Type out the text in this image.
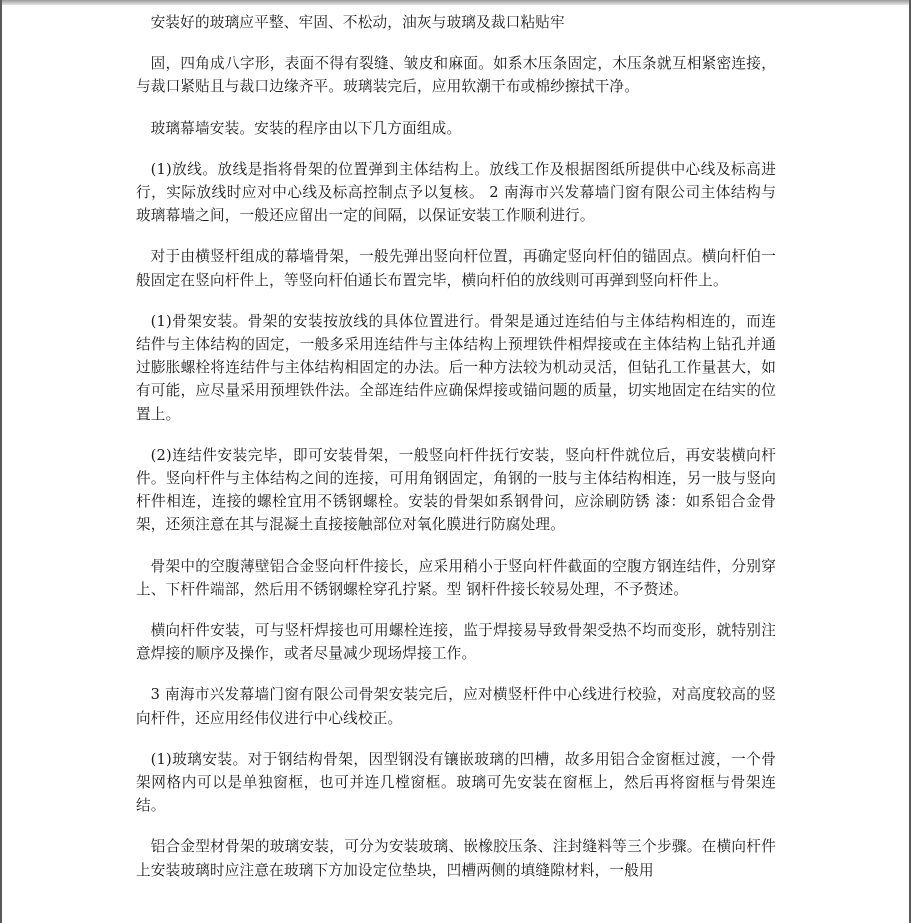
安装好的玻璃应平整、牢固、不松动，油灰与玻璃及裁口粘贴牢

固，四角成八字形，表面不得有裂缝、皱皮和麻面。如系木压条固定，木压条就互相紧密连接，与裁口紧贴且与裁口边缘齐平。玻璃装完后，应用软潮干布或棉纱擦拭干净。

玻璃幕墙安装。安装的程序由以下几方面组成。

(1)放线。放线是指将骨架的位置弹到主体结构上。放线工作及根据图纸所提供中心线及标高进行，实际放线时应对中心线及标高控制点予以复核。 2 南海市兴发幕墙门窗有限公司主体结构与玻璃幕墙之间，一般还应留出一定的间隔，以保证安装工作顺利进行。

对于由横竖杆组成的幕墙骨架，一般先弹出竖向杆位置，再确定竖向杆伯的锚固点。横向杆伯一般固定在竖向杆件上，等竖向杆伯通长布置完毕，横向杆伯的放线则可再弹到竖向杆件上。

(1)骨架安装。骨架的安装按放线的具体位置进行。骨架是通过连结伯与主体结构相连的，而连结件与主体结构的固定，一般多采用连结件与主体结构上预埋铁件相焊接或在主体结构上钻孔并通过膨胀螺栓将连结件与主体结构相固定的办法。后一种方法较为机动灵活，但钻孔工作量甚大，如有可能，应尽量采用预埋铁件法。全部连结件应确保焊接或锚问题的质量，切实地固定在结实的位置上。

(2)连结件安装完毕，即可安装骨架，一般竖向杆件抚行安装，竖向杆件就位后，再安装横向杆件。竖向杆件与主体结构之间的连接，可用角钢固定，角钢的一肢与主体结构相连，另一肢与竖向杆件相连，连接的螺栓宜用不锈钢螺栓。安装的骨架如系钢骨问，应涂刷防锈 漆：如系铝合金骨架，还须注意在其与混凝土直接接触部位对氧化膜进行防腐处理。

骨架中的空腹薄壁铝合金竖向杆件接长，应采用稍小于竖向杆件截面的空腹方钢连结件，分别穿上、下杆件端部，然后用不锈钢螺栓穿孔拧紧。型 钢杆件接长较易处理，不予赘述。

横向杆件安装，可与竖杆焊接也可用螺栓连接，监于焊接易导致骨架受热不均而变形，就特别注意焊接的顺序及操作，或者尽量减少现场焊接工作。

3 南海市兴发幕墙门窗有限公司骨架安装完后，应对横竖杆件中心线进行校验，对高度较高的竖向杆件，还应用经伟仪进行中心线校正。

(1)玻璃安装。对于钢结构骨架，因型钢没有镶嵌玻璃的凹槽，故多用铝合金窗框过渡，一个骨架网格内可以是单独窗框，也可并连几樘窗框。玻璃可先安装在窗框上，然后再将窗框与骨架连结。

铝合金型材骨架的玻璃安装，可分为安装玻璃、嵌橡胶压条、注封缝料等三个步骤。在横向杆件上安装玻璃时应注意在玻璃下方加设定位垫块，凹槽两侧的填缝隙材料，一般用
